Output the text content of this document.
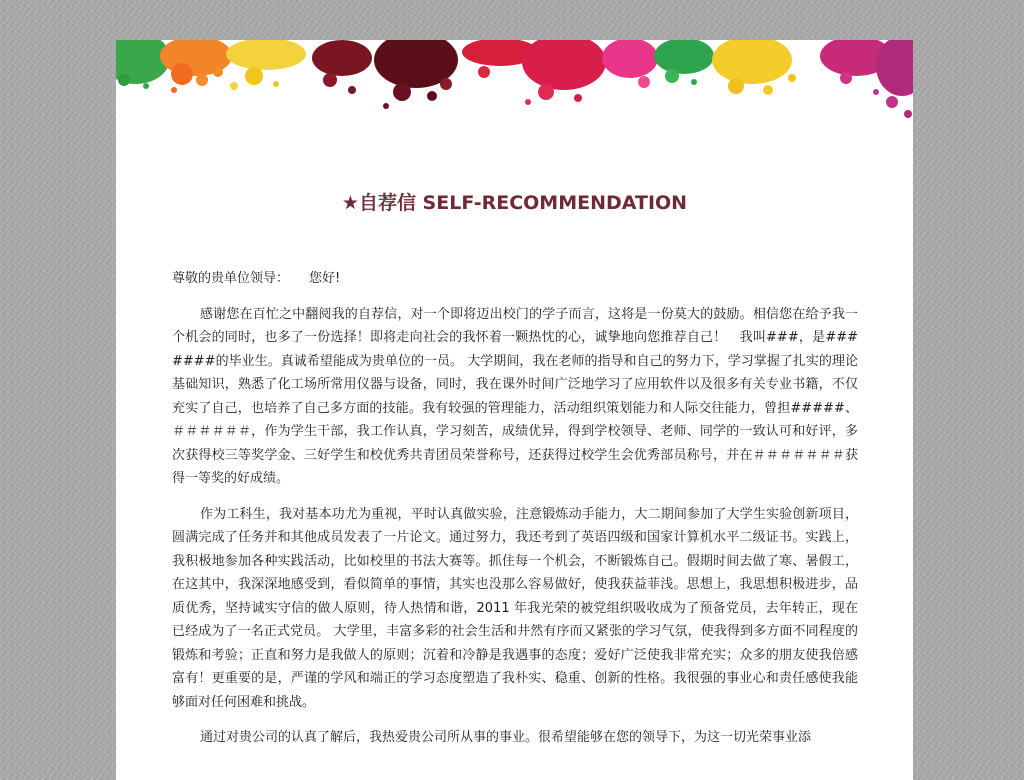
★自荐信 SELF-RECOMMENDATION

尊敬的贵单位领导： 您好!

感谢您在百忙之中翻阅我的自荐信，对一个即将迈出校门的学子而言，这将是一份莫大的鼓励。相信您在给予我一个机会的同时，也多了一份选择！即将走向社会的我怀着一颗热忱的心，诚挚地向您推荐自己！　我叫###，是#######的毕业生。真诚希望能成为贵单位的一员。 大学期间，我在老师的指导和自己的努力下，学习掌握了扎实的理论基础知识，熟悉了化工场所常用仪器与设备，同时，我在课外时间广泛地学习了应用软件以及很多有关专业书籍，不仅充实了自己，也培养了自己多方面的技能。我有较强的管理能力，活动组织策划能力和人际交往能力，曾担#####、＃＃＃＃＃＃，作为学生干部，我工作认真，学习刻苦，成绩优异，得到学校领导、老师、同学的一致认可和好评，多次获得校三等奖学金、三好学生和校优秀共青团员荣誉称号，还获得过校学生会优秀部员称号，并在＃＃＃＃＃＃＃获得一等奖的好成绩。

作为工科生，我对基本功尤为重视，平时认真做实验，注意锻炼动手能力，大二期间参加了大学生实验创新项目，圆满完成了任务并和其他成员发表了一片论文。通过努力，我还考到了英语四级和国家计算机水平二级证书。实践上，我积极地参加各种实践活动，比如校里的书法大赛等。抓住每一个机会，不断锻炼自己。假期时间去做了寒、暑假工，在这其中，我深深地感受到，看似简单的事情，其实也没那么容易做好，使我获益菲浅。思想上，我思想积极进步，品质优秀，坚持诚实守信的做人原则，待人热情和谐，2011 年我光荣的被党组织吸收成为了预备党员，去年转正，现在已经成为了一名正式党员。 大学里，丰富多彩的社会生活和井然有序而又紧张的学习气氛，使我得到多方面不同程度的锻炼和考验；正直和努力是我做人的原则；沉着和冷静是我遇事的态度；爱好广泛使我非常充实；众多的朋友使我倍感富有！更重要的是，严谨的学风和端正的学习态度塑造了我朴实、稳重、创新的性格。我很强的事业心和责任感使我能够面对任何困难和挑战。

通过对贵公司的认真了解后，我热爱贵公司所从事的事业。很希望能够在您的领导下，为这一切光荣事业添
